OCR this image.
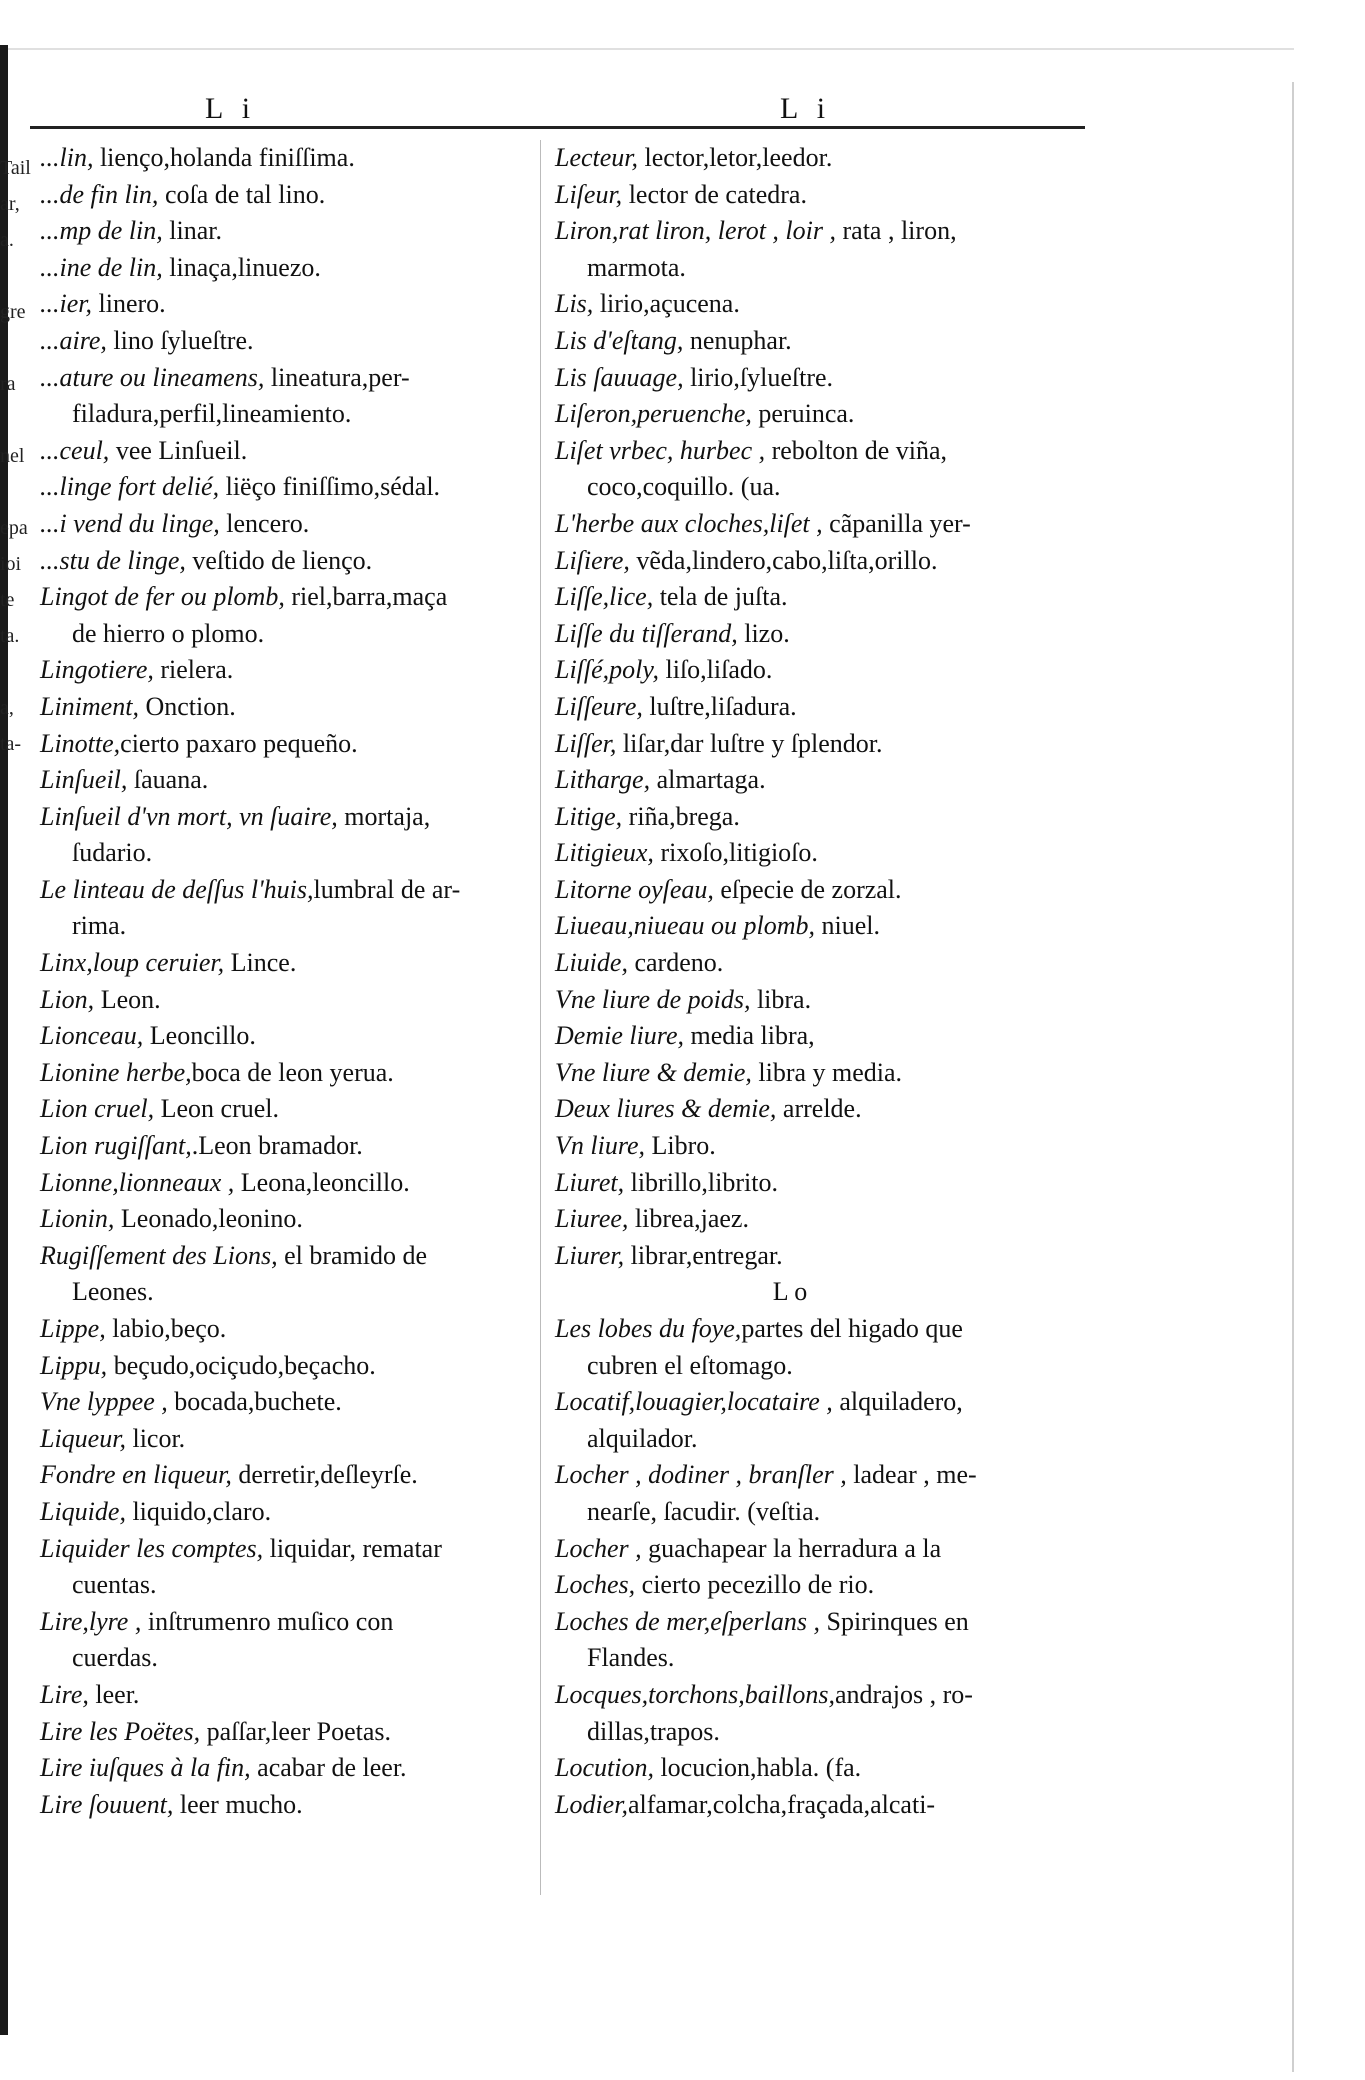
Tail
ar,
a.

gre

ra

nel

epa
ioi
te
ta.

a,
ta-
L i	L i
...lin, lienço,holanda finiſſima.
...de fin lin, coſa de tal lino.
...mp de lin, linar.
...ine de lin, linaça,linuezo.
...ier, linero.
...aire, lino ſylueſtre.
...ature ou lineamens, lineatura,per-
filadura,perfil,lineamiento.
...ceul, vee Linſueil.
...linge fort delié, liëço finiſſimo,sédal.
...i vend du linge, lencero.
...stu de linge, veſtido de lienço.
Lingot de fer ou plomb, riel,barra,maça
de hierro o plomo.
Lingotiere, rielera.
Liniment, Onction.
Linotte,cierto paxaro pequeño.
Linſueil, ſauana.
Linſueil d'vn mort, vn ſuaire, mortaja,
ſudario.
Le linteau de deſſus l'huis,lumbral de ar-
rima.
Linx,loup ceruier, Lince.
Lion, Leon.
Lionceau, Leoncillo.
Lionine herbe,boca de leon yerua.
Lion cruel, Leon cruel.
Lion rugiſſant,.Leon bramador.
Lionne,lionneaux , Leona,leoncillo.
Lionin, Leonado,leonino.
Rugiſſement des Lions, el bramido de
Leones.
Lippe, labio,beço.
Lippu, beçudo,ociçudo,beçacho.
Vne lyppee , bocada,buchete.
Liqueur, licor.
Fondre en liqueur, derretir,deſleyrſe.
Liquide, liquido,claro.
Liquider les comptes, liquidar, rematar
cuentas.
Lire,lyre , inſtrumenro muſico con
cuerdas.
Lire, leer.
Lire les Poëtes, paſſar,leer Poetas.
Lire iuſques à la fin, acabar de leer.
Lire ſouuent, leer mucho.
Lecteur, lector,letor,leedor.
Liſeur, lector de catedra.
Liron,rat liron, lerot , loir , rata , liron,
marmota.
Lis, lirio,açucena.
Lis d'eſtang, nenuphar.
Lis ſauuage, lirio,ſylueſtre.
Liſeron,peruenche, peruinca.
Liſet vrbec, hurbec , rebolton de viña,
coco,coquillo. (ua.
L'herbe aux cloches,liſet , cãpanilla yer-
Liſiere, vẽda,lindero,cabo,liſta,orillo.
Liſſe,lice, tela de juſta.
Liſſe du tiſſerand, lizo.
Liſſé,poly, liſo,liſado.
Liſſeure, luſtre,liſadura.
Liſſer, liſar,dar luſtre y ſplendor.
Litharge, almartaga.
Litige, riña,brega.
Litigieux, rixoſo,litigioſo.
Litorne oyſeau, eſpecie de zorzal.
Liueau,niueau ou plomb, niuel.
Liuide, cardeno.
Vne liure de poids, libra.
Demie liure, media libra,
Vne liure & demie, libra y media.
Deux liures & demie, arrelde.
Vn liure, Libro.
Liuret, librillo,librito.
Liuree, librea,jaez.
Liurer, librar,entregar.
L o
Les lobes du foye,partes del higado que
cubren el eſtomago.
Locatif,louagier,locataire , alquiladero,
alquilador.
Locher , dodiner , branſler , ladear , me-
nearſe, ſacudir. (veſtia.
Locher , guachapear la herradura a la
Loches, cierto pecezillo de rio.
Loches de mer,eſperlans , Spirinques en
Flandes.
Locques,torchons,baillons,andrajos , ro-
dillas,trapos.
Locution, locucion,habla. (fa.
Lodier,alfamar,colcha,fraçada,alcati-
